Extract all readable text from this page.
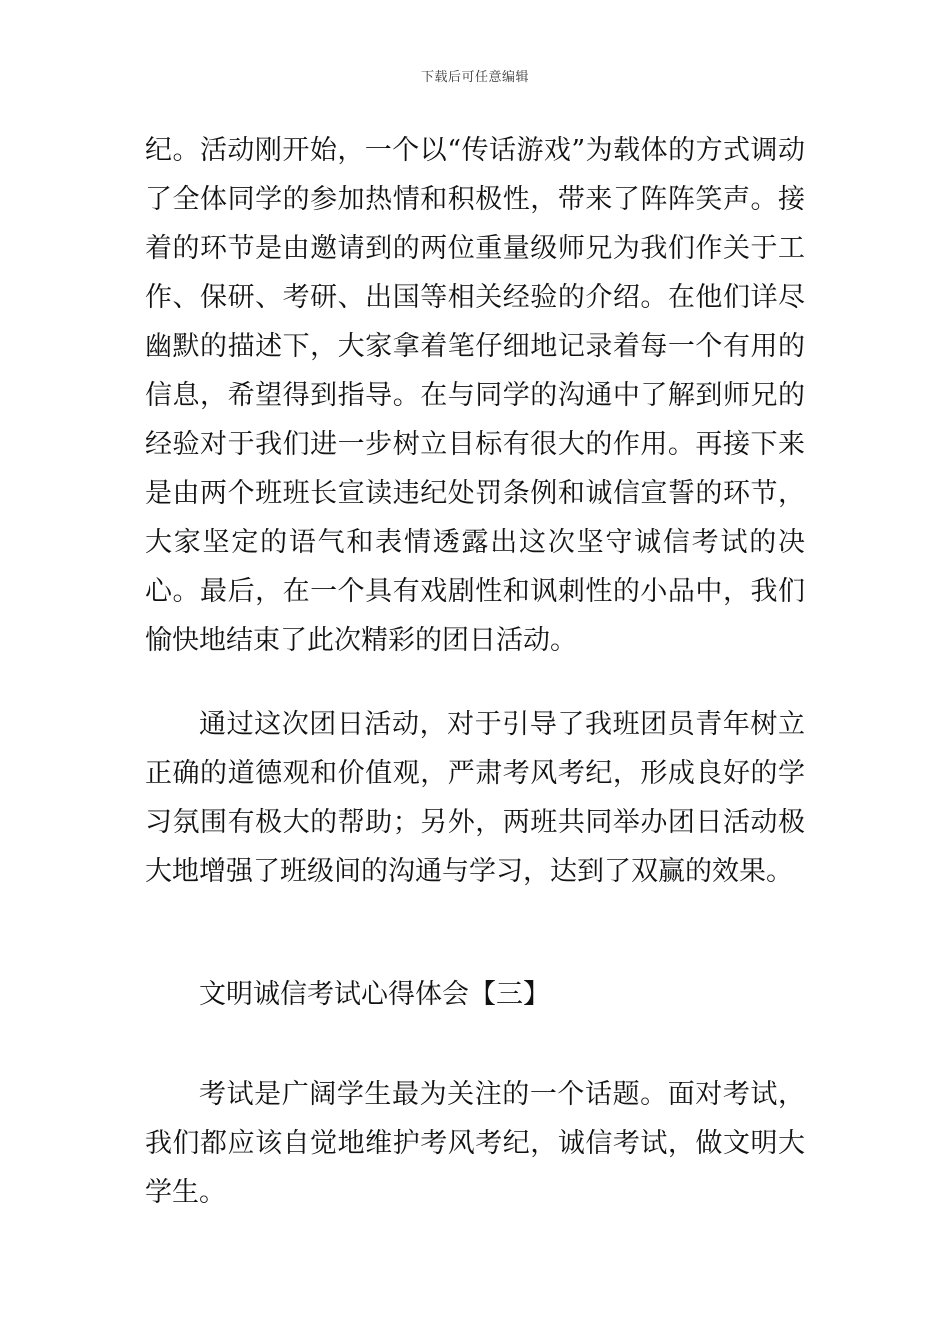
下载后可任意编辑

纪。活动刚开始，一个以“传话游戏”为载体的方式调动了全体同学的参加热情和积极性，带来了阵阵笑声。接着的环节是由邀请到的两位重量级师兄为我们作关于工作、保研、考研、出国等相关经验的介绍。在他们详尽幽默的描述下，大家拿着笔仔细地记录着每一个有用的信息，希望得到指导。在与同学的沟通中了解到师兄的经验对于我们进一步树立目标有很大的作用。再接下来是由两个班班长宣读违纪处罚条例和诚信宣誓的环节，大家坚定的语气和表情透露出这次坚守诚信考试的决心。最后，在一个具有戏剧性和讽刺性的小品中，我们愉快地结束了此次精彩的团日活动。

通过这次团日活动，对于引导了我班团员青年树立正确的道德观和价值观，严肃考风考纪，形成良好的学习氛围有极大的帮助；另外，两班共同举办团日活动极大地增强了班级间的沟通与学习，达到了双赢的效果。

文明诚信考试心得体会【三】

考试是广阔学生最为关注的一个话题。面对考试，我们都应该自觉地维护考风考纪，诚信考试，做文明大学生。
